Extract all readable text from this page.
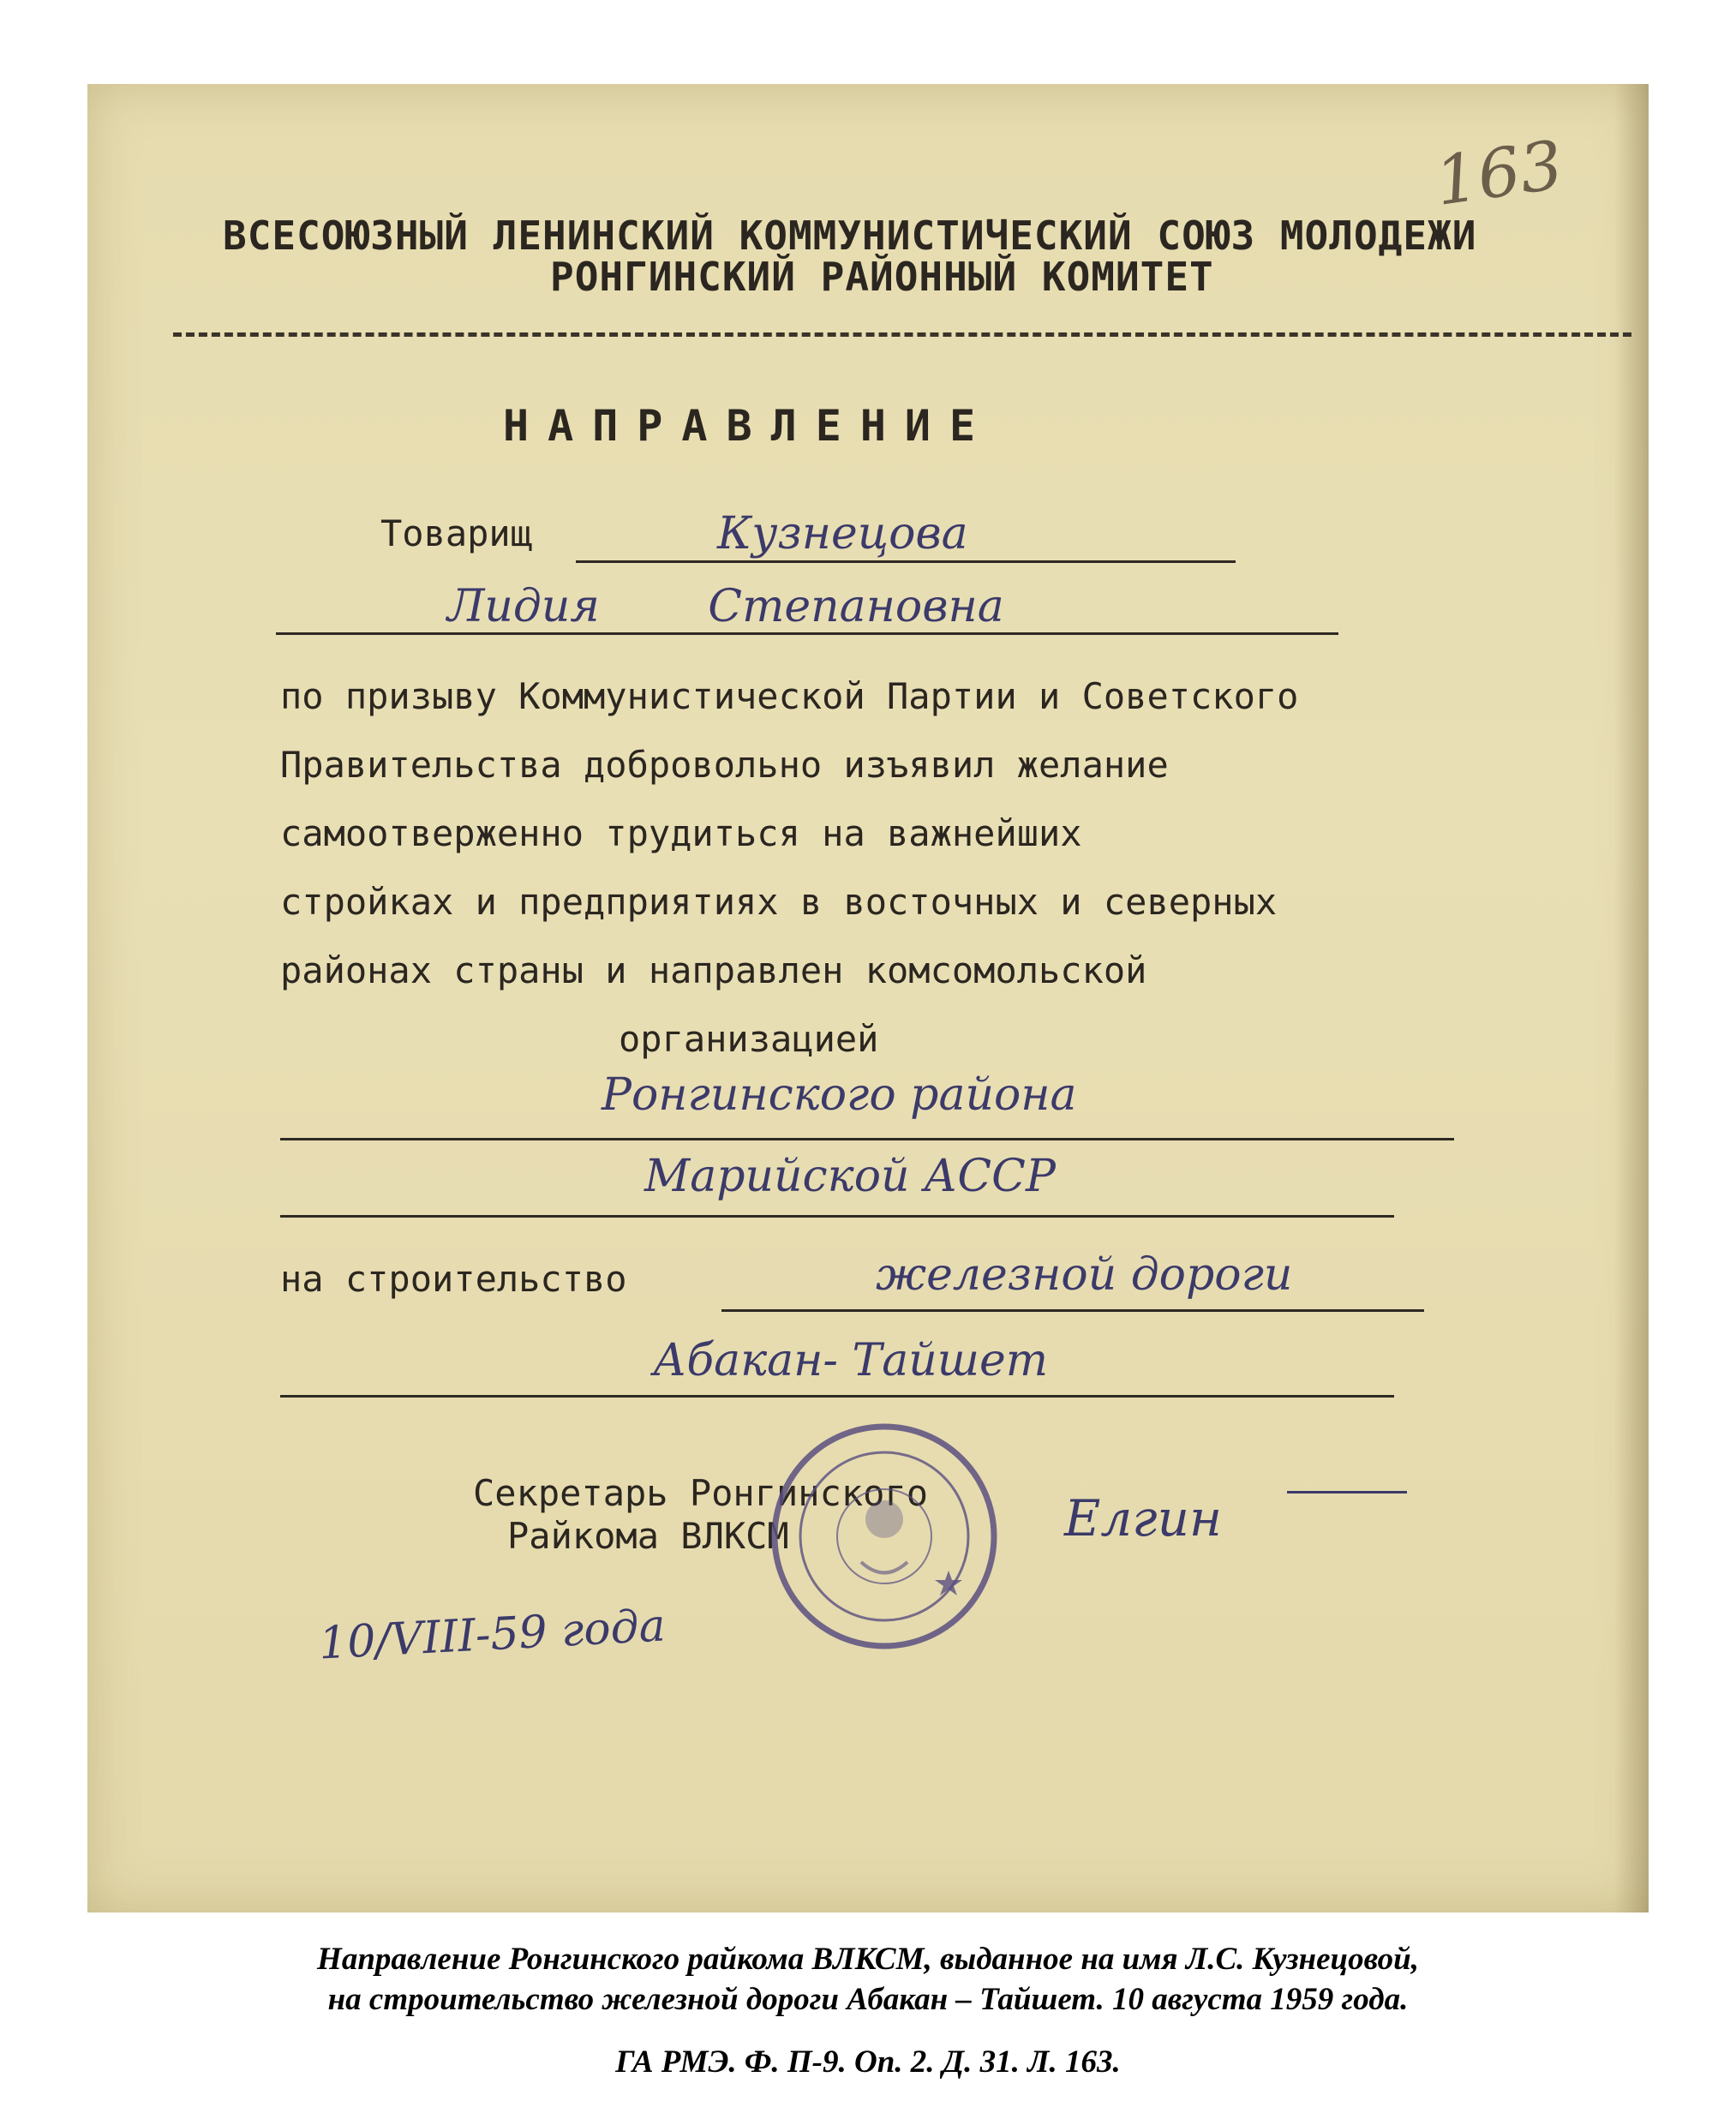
163
ВСЕСОЮЗНЫЙ ЛЕНИНСКИЙ КОММУНИСТИЧЕСКИЙ СОЮЗ МОЛОДЕЖИ
РОНГИНСКИЙ РАЙОННЫЙ КОМИТЕТ
НАПРАВЛЕНИЕ
Товарищ	Кузнецова
Лидия Степановна
по призыву Коммунистической Партии и Советского
Правительства добровольно изъявил желание
самоотверженно трудиться на важнейших
стройках и предприятиях в восточных и северных
районах страны и направлен комсомольской
организацией
Ронгинского района
Марийской АССР
на строительство	железной дороги
Абакан- Тайшет
Секретарь Ронгинского
Райкома ВЛКСМ	Елгин
10/VIII-59 года
Направление Ронгинского райкома ВЛКСМ, выданное на имя Л.С. Кузнецовой,
на строительство железной дороги Абакан – Тайшет. 10 августа 1959 года.
ГА РМЭ. Ф. П-9. Оп. 2. Д. 31. Л. 163.
